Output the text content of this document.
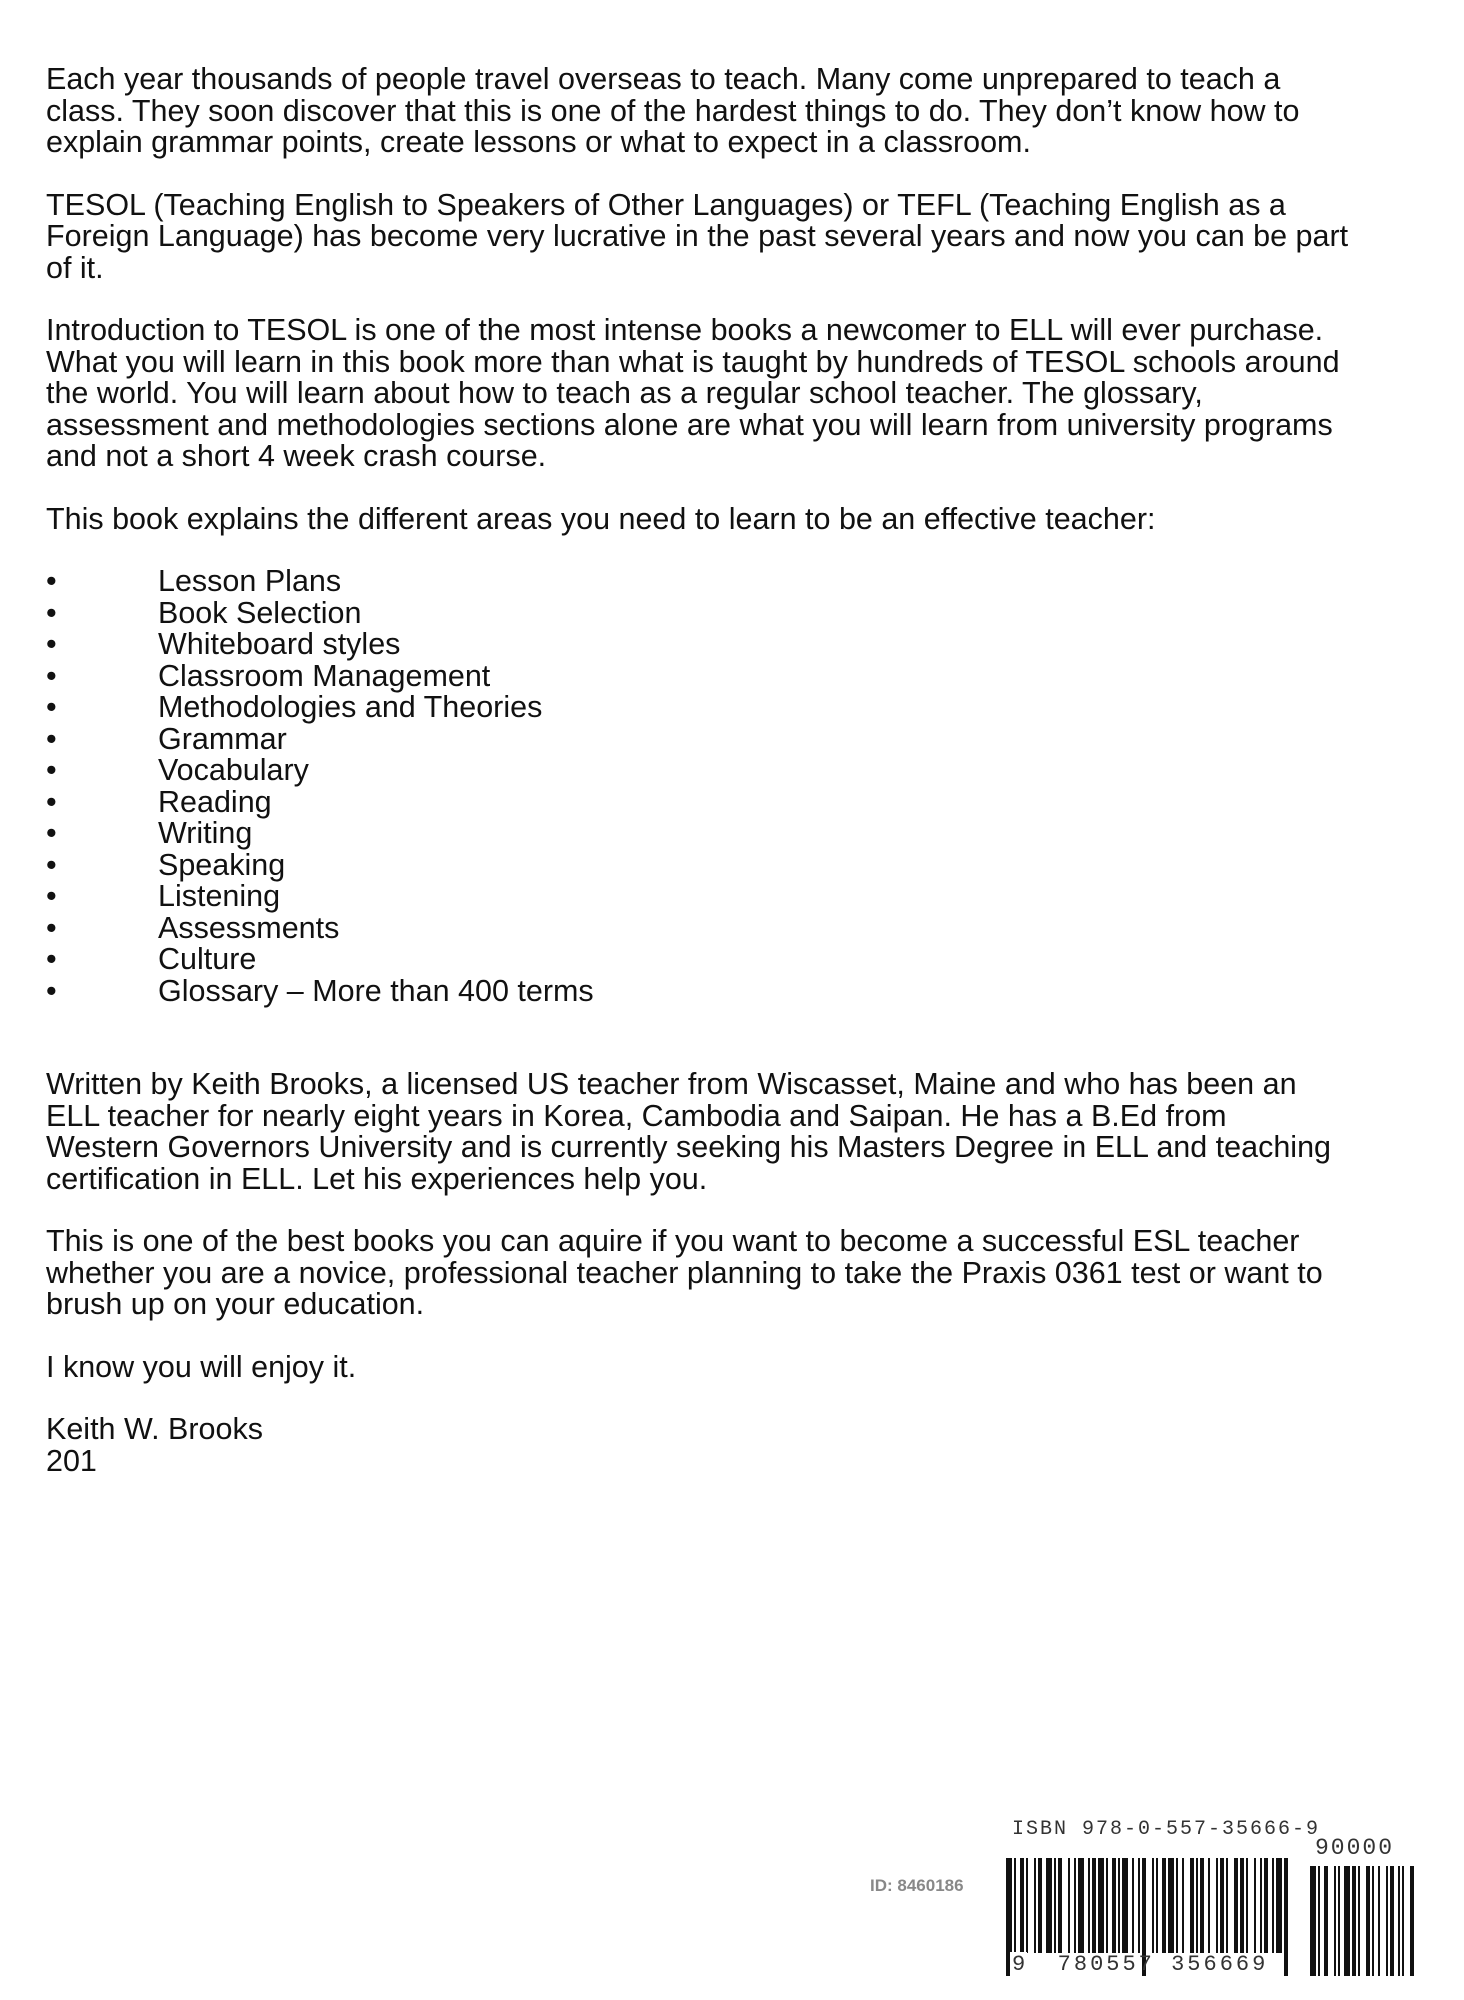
Each year thousands of people travel overseas to teach. Many come unprepared to teach a
class. They soon discover that this is one of the hardest things to do. They don’t know how to
explain grammar points, create lessons or what to expect in a classroom.

TESOL (Teaching English to Speakers of Other Languages) or TEFL (Teaching English as a
Foreign Language) has become very lucrative in the past several years and now you can be part
of it.

Introduction to TESOL is one of the most intense books a newcomer to ELL will ever purchase.
What you will learn in this book more than what is taught by hundreds of TESOL schools around
the world. You will learn about how to teach as a regular school teacher. The glossary,
assessment and methodologies sections alone are what you will learn from university programs
and not a short 4 week crash course.

This book explains the different areas you need to learn to be an effective teacher:

•	Lesson Plans
•	Book Selection
•	Whiteboard styles
•	Classroom Management
•	Methodologies and Theories
•	Grammar
•	Vocabulary
•	Reading
•	Writing
•	Speaking
•	Listening
•	Assessments
•	Culture
•	Glossary – More than 400 terms

Written by Keith Brooks, a licensed US teacher from Wiscasset, Maine and who has been an
ELL teacher for nearly eight years in Korea, Cambodia and Saipan. He has a B.Ed from
Western Governors University and is currently seeking his Masters Degree in ELL and teaching
certification in ELL. Let his experiences help you.

This is one of the best books you can aquire if you want to become a successful ESL teacher
whether you are a novice, professional teacher planning to take the Praxis 0361 test or want to
brush up on your education.

I know you will enjoy it.

Keith W. Brooks

201

ID: 8460186
ISBN 978-0-557-35666-9
90000
9	780557 356669
